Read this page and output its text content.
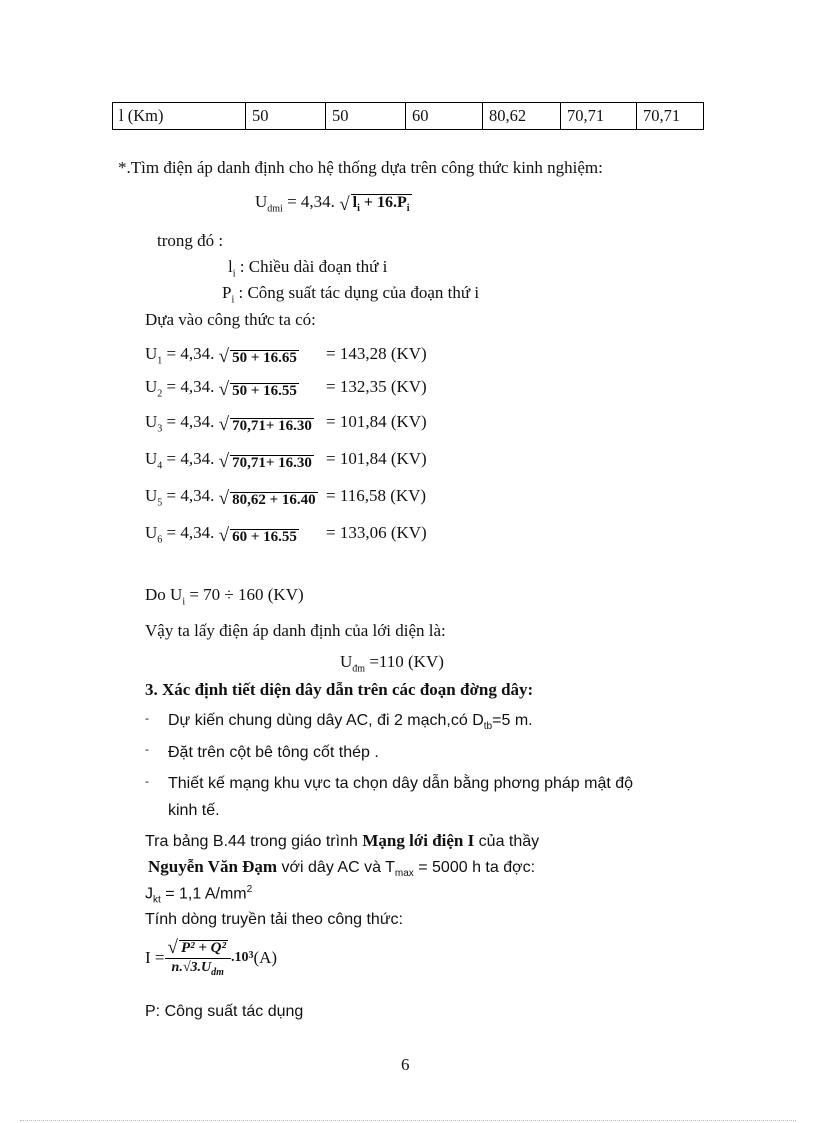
l (Km)	50	50	60	80,62	70,71	70,71
*.Tìm điện áp danh định cho hệ thống dựa trên công thức kinh nghiệm:
$U_{dmi} = 4,34$. √ $l_i + 16.P_i$
trong đó :
$l_i$ : Chiều dài đoạn thứ i
$P_i$ : Công suất tác dụng của đoạn thứ i
Dựa vào công thức ta có:
$U_1 = 4,34$. √ 50 + 16.65 = 143,28 (KV)
$U_2 = 4,34$. √ 50 + 16.55 = 132,35 (KV)
$U_3 = 4,34$. √ 70,71+ 16.30 = 101,84 (KV)
$U_4 = 4,34$. √ 70,71+ 16.30 = 101,84 (KV)
$U_5 = 4,34$. √ 80,62 + 16.40 = 116,58 (KV)
$U_6 = 4,34$. √ 60 + 16.55 = 133,06 (KV)
Do $U_i = 70 \div 160$ (KV)
Vậy ta lấy điện áp danh định của lới diện là:
$U_{đm} =110$ (KV)
3. Xác định tiết diện dây dẫn trên các đoạn đờng dây:
- Dự kiến chung dùng dây AC, đi 2 mạch,có $D_{tb}=5$ m.
- Đặt trên cột bê tông cốt thép .
- Thiết kế mạng khu vực ta chọn dây dẫn bằng phơng pháp mật độ
kinh tế.
Tra bảng B.44 trong giáo trình Mạng lới điện I của thầy
Nguyễn Văn Đạm với dây AC và $T_{max} = 5000$ h ta đợc:
$J_{kt} = 1,1$ $A/mm^2$
Tính dòng truyền tải theo công thức:
$I = \frac{\text{√ P² + Q²}}{n.√3.U_{dm}} .10$ 3 (A)
P: Công suất tác dụng
6
